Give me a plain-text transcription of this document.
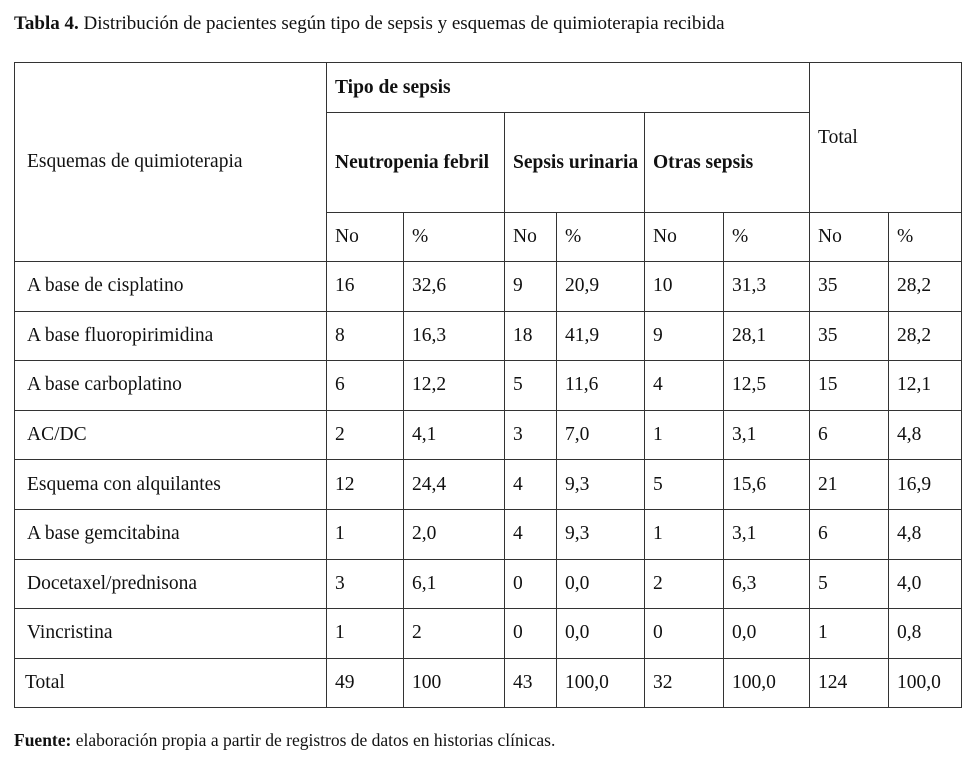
Tabla 4. Distribución de pacientes según tipo de sepsis y esquemas de quimioterapia recibida
Esquemas de quimioterapia	Tipo de sepsis						Total	
	Neutropenia febril		Sepsis urinaria		Otras sepsis			
	No	%	No	%	No	%	No	%
A base de cisplatino	16	32,6	9	20,9	10	31,3	35	28,2
A base fluoropirimidina	8	16,3	18	41,9	9	28,1	35	28,2
A base carboplatino	6	12,2	5	11,6	4	12,5	15	12,1
AC/DC	2	4,1	3	7,0	1	3,1	6	4,8
Esquema con alquilantes	12	24,4	4	9,3	5	15,6	21	16,9
A base gemcitabina	1	2,0	4	9,3	1	3,1	6	4,8
Docetaxel/prednisona	3	6,1	0	0,0	2	6,3	5	4,0
Vincristina	1	2	0	0,0	0	0,0	1	0,8
Total	49	100	43	100,0	32	100,0	124	100,0
Fuente: elaboración propia a partir de registros de datos en historias clínicas.
